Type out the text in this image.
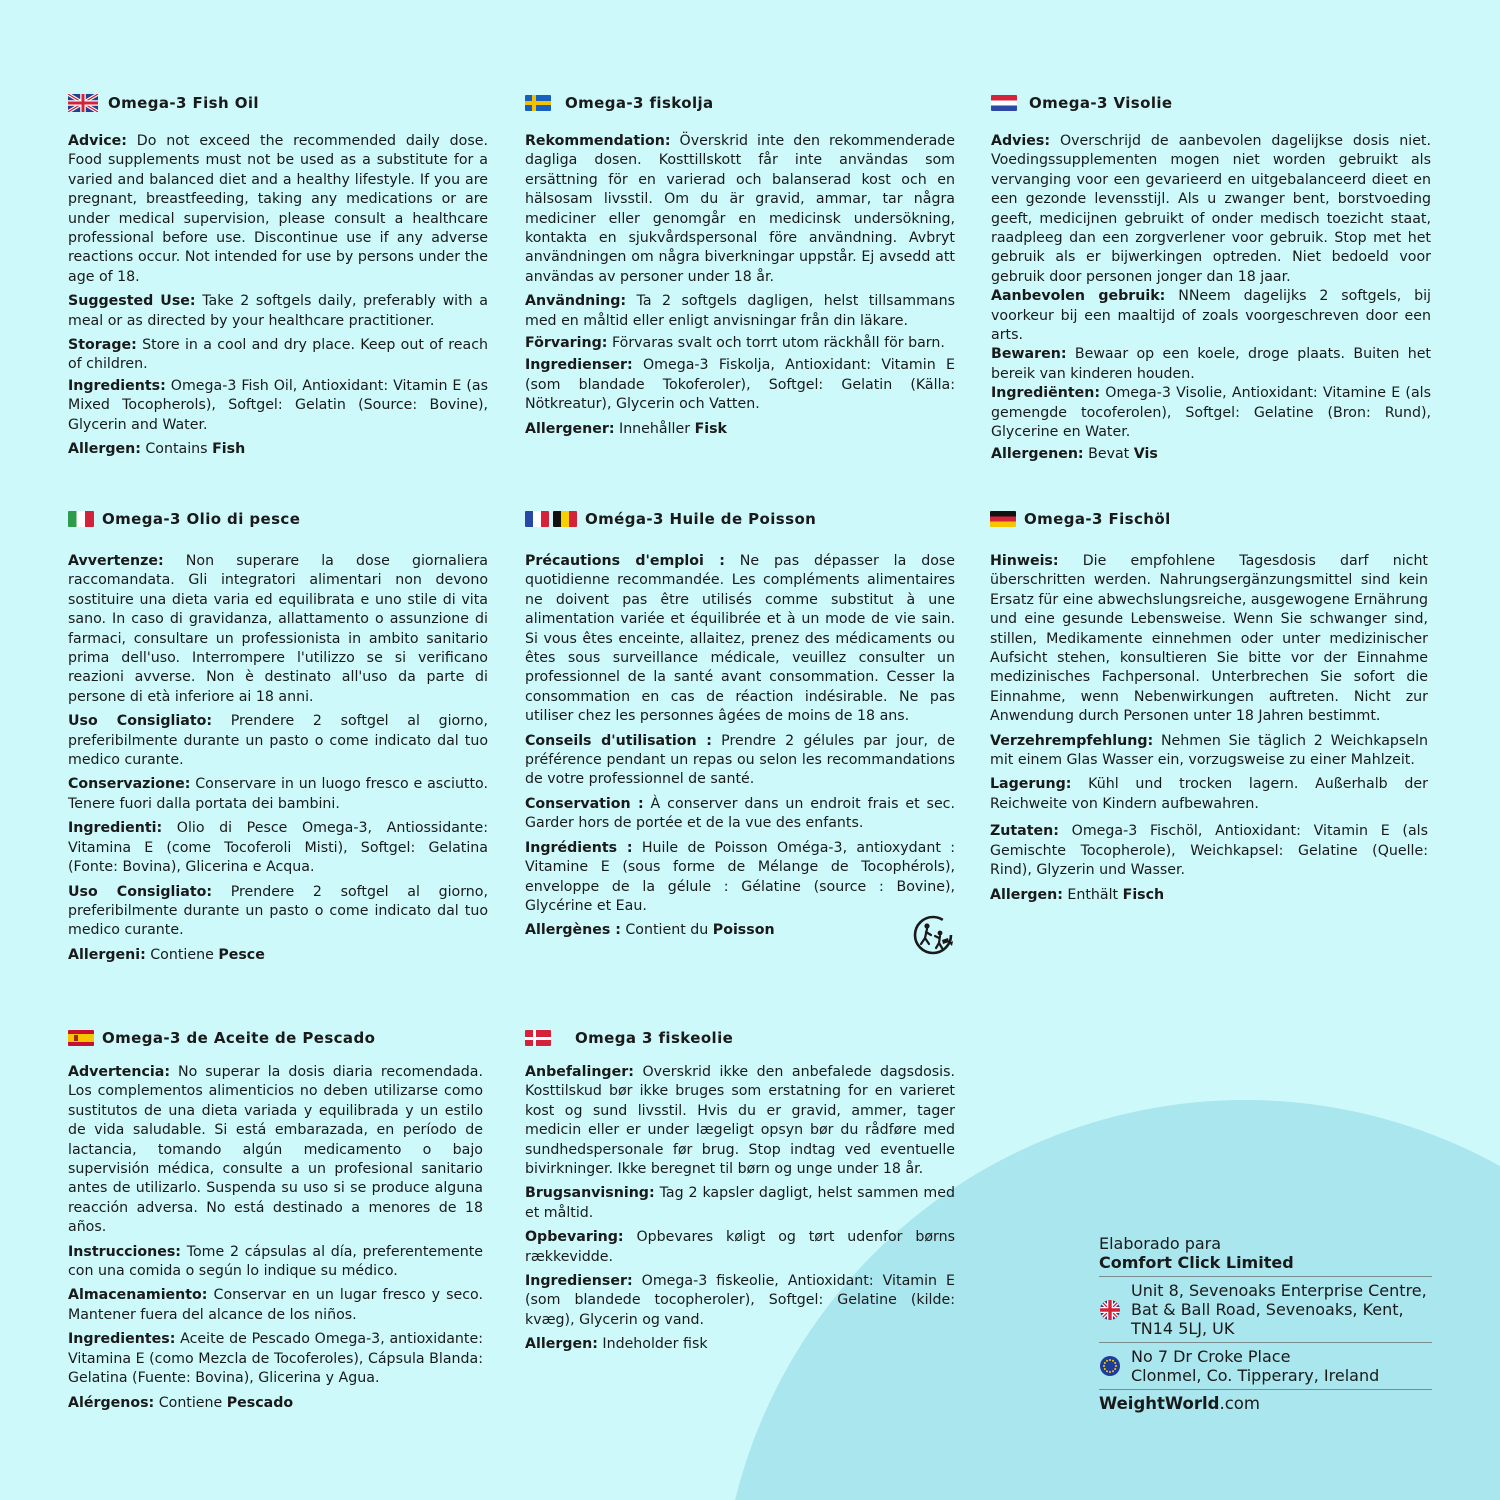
Omega-3 Fish Oil

Advice: Do not exceed the recommended daily dose. Food supplements must not be used as a substitute for a varied and balanced diet and a healthy lifestyle. If you are pregnant, breastfeeding, taking any medications or are under medical supervision, please consult a healthcare professional before use. Discontinue use if any adverse reactions occur. Not intended for use by persons under the age of 18.

Suggested Use: Take 2 softgels daily, preferably with a meal or as directed by your healthcare practitioner.

Storage: Store in a cool and dry place. Keep out of reach of children.

Ingredients: Omega-3 Fish Oil, Antioxidant: Vitamin E (as Mixed Tocopherols), Softgel: Gelatin (Source: Bovine), Glycerin and Water.

Allergen: Contains Fish

Omega-3 fiskolja

Rekommendation: Överskrid inte den rekommenderade dagliga dosen. Kosttillskott får inte användas som ersättning för en varierad och balanserad kost och en hälsosam livsstil. Om du är gravid, ammar, tar några mediciner eller genomgår en medicinsk undersökning, kontakta en sjukvårdspersonal före användning. Avbryt användningen om några biverkningar uppstår. Ej avsedd att användas av personer under 18 år.

Användning: Ta 2 softgels dagligen, helst tillsammans med en måltid eller enligt anvisningar från din läkare.

Förvaring: Förvaras svalt och torrt utom räckhåll för barn.

Ingredienser: Omega-3 Fiskolja, Antioxidant: Vitamin E (som blandade Tokoferoler), Softgel: Gelatin (Källa: Nötkreatur), Glycerin och Vatten.

Allergener: Innehåller Fisk

Omega-3 Visolie

Advies: Overschrijd de aanbevolen dagelijkse dosis niet. Voedingssupplementen mogen niet worden gebruikt als vervanging voor een gevarieerd en uitgebalanceerd dieet en een gezonde levensstijl. Als u zwanger bent, borstvoeding geeft, medicijnen gebruikt of onder medisch toezicht staat, raadpleeg dan een zorgverlener voor gebruik. Stop met het gebruik als er bijwerkingen optreden. Niet bedoeld voor gebruik door personen jonger dan 18 jaar.

Aanbevolen gebruik: NNeem dagelijks 2 softgels, bij voorkeur bij een maaltijd of zoals voorgeschreven door een arts.

Bewaren: Bewaar op een koele, droge plaats. Buiten het bereik van kinderen houden.

Ingrediënten: Omega-3 Visolie, Antioxidant: Vitamine E (als gemengde tocoferolen), Softgel: Gelatine (Bron: Rund), Glycerine en Water.

Allergenen: Bevat Vis

Omega-3 Olio di pesce

Avvertenze: Non superare la dose giornaliera raccomandata. Gli integratori alimentari non devono sostituire una dieta varia ed equilibrata e uno stile di vita sano. In caso di gravidanza, allattamento o assunzione di farmaci, consultare un professionista in ambito sanitario prima dell'uso. Interrompere l'utilizzo se si verificano reazioni avverse. Non è destinato all'uso da parte di persone di età inferiore ai 18 anni.

Uso Consigliato: Prendere 2 softgel al giorno, preferibilmente durante un pasto o come indicato dal tuo medico curante.

Conservazione: Conservare in un luogo fresco e asciutto. Tenere fuori dalla portata dei bambini.

Ingredienti: Olio di Pesce Omega-3, Antiossidante: Vitamina E (come Tocoferoli Misti), Softgel: Gelatina (Fonte: Bovina), Glicerina e Acqua.

Uso Consigliato: Prendere 2 softgel al giorno, preferibilmente durante un pasto o come indicato dal tuo medico curante.

Allergeni: Contiene Pesce

Oméga-3 Huile de Poisson

Précautions d'emploi : Ne pas dépasser la dose quotidienne recommandée. Les compléments alimentaires ne doivent pas être utilisés comme substitut à une alimentation variée et équilibrée et à un mode de vie sain. Si vous êtes enceinte, allaitez, prenez des médicaments ou êtes sous surveillance médicale, veuillez consulter un professionnel de la santé avant consommation. Cesser la consommation en cas de réaction indésirable. Ne pas utiliser chez les personnes âgées de moins de 18 ans.

Conseils d'utilisation : Prendre 2 gélules par jour, de préférence pendant un repas ou selon les recommandations de votre professionnel de santé.

Conservation : À conserver dans un endroit frais et sec. Garder hors de portée et de la vue des enfants.

Ingrédients : Huile de Poisson Oméga-3, antioxydant : Vitamine E (sous forme de Mélange de Tocophérols), enveloppe de la gélule : Gélatine (source : Bovine), Glycérine et Eau.

Allergènes : Contient du Poisson

Omega-3 Fischöl

Hinweis: Die empfohlene Tagesdosis darf nicht überschritten werden. Nahrungsergänzungsmittel sind kein Ersatz für eine abwechslungsreiche, ausgewogene Ernährung und eine gesunde Lebensweise. Wenn Sie schwanger sind, stillen, Medikamente einnehmen oder unter medizinischer Aufsicht stehen, konsultieren Sie bitte vor der Einnahme medizinisches Fachpersonal. Unterbrechen Sie sofort die Einnahme, wenn Nebenwirkungen auftreten. Nicht zur Anwendung durch Personen unter 18 Jahren bestimmt.

Verzehrempfehlung: Nehmen Sie täglich 2 Weichkapseln mit einem Glas Wasser ein, vorzugsweise zu einer Mahlzeit.

Lagerung: Kühl und trocken lagern. Außerhalb der Reichweite von Kindern aufbewahren.

Zutaten: Omega-3 Fischöl, Antioxidant: Vitamin E (als Gemischte Tocopherole), Weichkapsel: Gelatine (Quelle: Rind), Glyzerin und Wasser.

Allergen: Enthält Fisch

Omega-3 de Aceite de Pescado

Advertencia: No superar la dosis diaria recomendada. Los complementos alimenticios no deben utilizarse como sustitutos de una dieta variada y equilibrada y un estilo de vida saludable. Si está embarazada, en período de lactancia, tomando algún medicamento o bajo supervisión médica, consulte a un profesional sanitario antes de utilizarlo. Suspenda su uso si se produce alguna reacción adversa. No está destinado a menores de 18 años.

Instrucciones: Tome 2 cápsulas al día, preferentemente con una comida o según lo indique su médico.

Almacenamiento: Conservar en un lugar fresco y seco. Mantener fuera del alcance de los niños.

Ingredientes: Aceite de Pescado Omega-3, antioxidante: Vitamina E (como Mezcla de Tocoferoles), Cápsula Blanda: Gelatina (Fuente: Bovina), Glicerina y Agua.

Alérgenos: Contiene Pescado

Omega 3 fiskeolie

Anbefalinger: Overskrid ikke den anbefalede dagsdosis. Kosttilskud bør ikke bruges som erstatning for en varieret kost og sund livsstil. Hvis du er gravid, ammer, tager medicin eller er under lægeligt opsyn bør du rådføre med sundhedspersonale før brug. Stop indtag ved eventuelle bivirkninger. Ikke beregnet til børn og unge under 18 år.

Brugsanvisning: Tag 2 kapsler dagligt, helst sammen med et måltid.

Opbevaring: Opbevares køligt og tørt udenfor børns rækkevidde.

Ingredienser: Omega-3 fiskeolie, Antioxidant: Vitamin E (som blandede tocopheroler), Softgel: Gelatine (kilde: kvæg), Glycerin og vand.

Allergen: Indeholder fisk

Elaborado para
Comfort Click Limited
Unit 8, Sevenoaks Enterprise Centre,
Bat & Ball Road, Sevenoaks, Kent,
TN14 5LJ, UK
No 7 Dr Croke Place
Clonmel, Co. Tipperary, Ireland
WeightWorld.com
